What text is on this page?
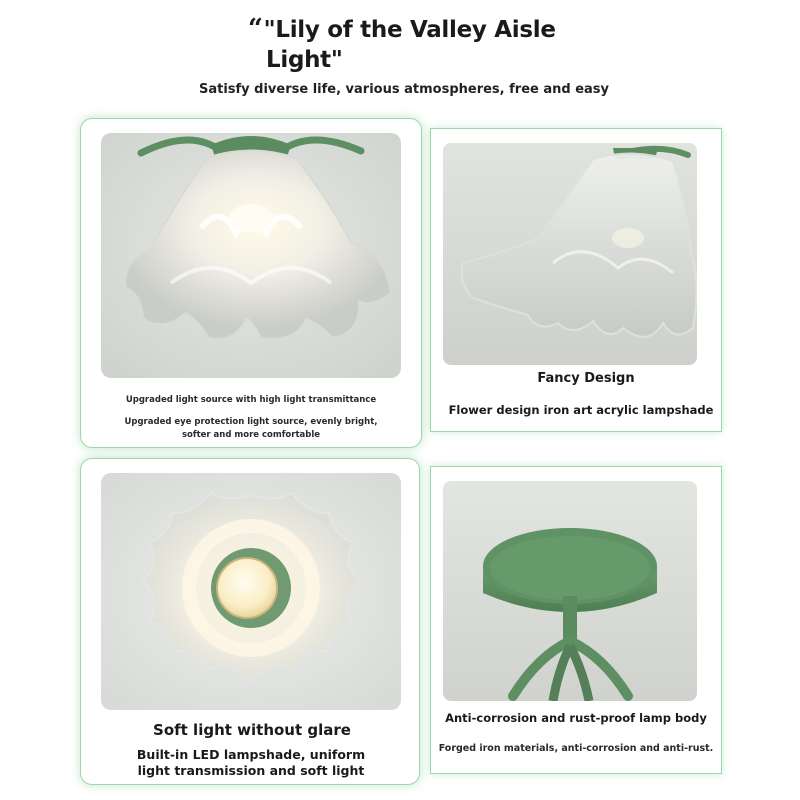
“"Lily of the Valley Aisle
Light"
Satisfy diverse life, various atmospheres, free and easy
Upgraded light source with high light transmittance
Upgraded eye protection light source, evenly bright, softer and more comfortable
Fancy Design
Flower design iron art acrylic lampshade
Soft light without glare
Built-in LED lampshade, uniform light transmission and soft light
Anti-corrosion and rust-proof lamp body
Forged iron materials, anti-corrosion and anti-rust.
